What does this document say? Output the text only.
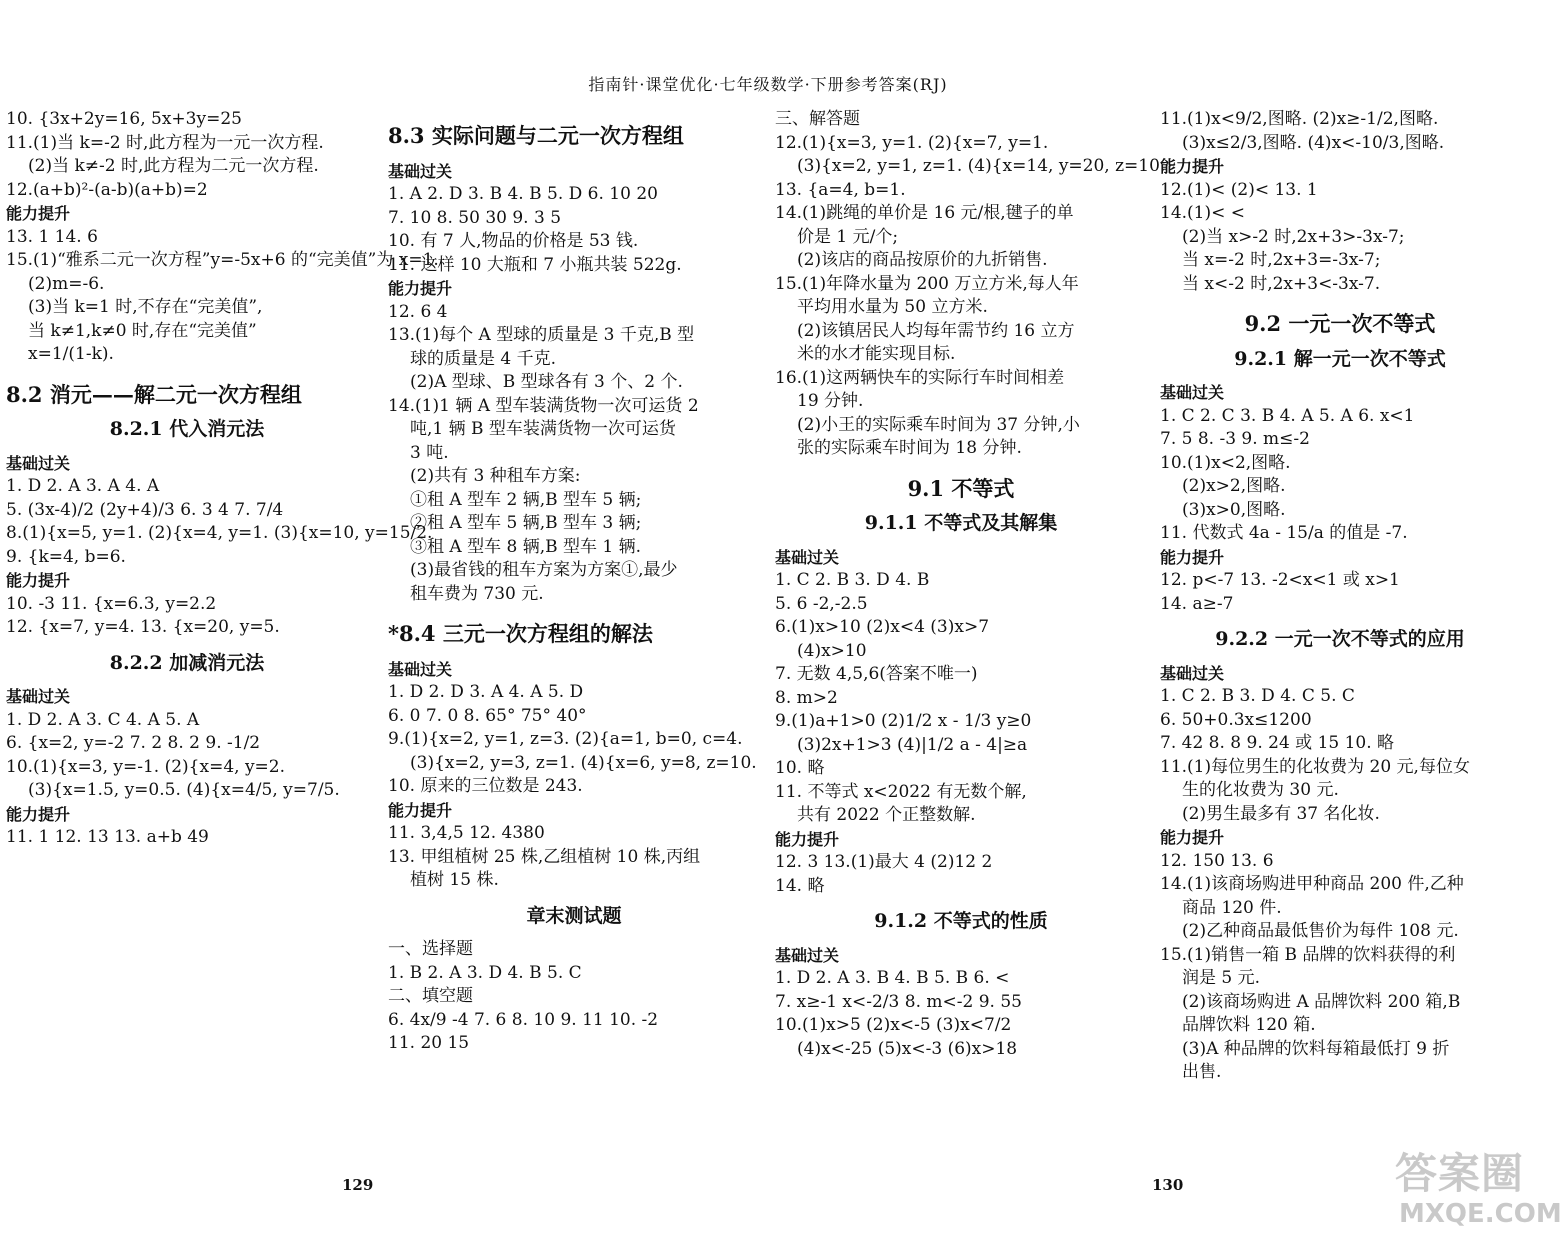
指南针·课堂优化·七年级数学·下册参考答案(RJ)
10. {3x+2y=16, 5x+3y=25
11.(1)当 k=-2 时,此方程为一元一次方程.
(2)当 k≠-2 时,此方程为二元一次方程.
12.(a+b)²-(a-b)(a+b)=2
能力提升
13. 1 14. 6
15.(1)“雅系二元一次方程”y=-5x+6 的“完美值”为 x=1.
(2)m=-6.
(3)当 k=1 时,不存在“完美值”,
当 k≠1,k≠0 时,存在“完美值”
x=1/(1-k).
8.2 消元——解二元一次方程组
8.2.1 代入消元法
基础过关
1. D 2. A 3. A 4. A
5. (3x-4)/2 (2y+4)/3 6. 3 4 7. 7/4
8.(1){x=5, y=1. (2){x=4, y=1. (3){x=10, y=15/2.
9. {k=4, b=6.
能力提升
10. -3 11. {x=6.3, y=2.2
12. {x=7, y=4. 13. {x=20, y=5.
8.2.2 加减消元法
基础过关
1. D 2. A 3. C 4. A 5. A
6. {x=2, y=-2 7. 2 8. 2 9. -1/2
10.(1){x=3, y=-1. (2){x=4, y=2.
(3){x=1.5, y=0.5. (4){x=4/5, y=7/5.
能力提升
11. 1 12. 13 13. a+b 49
8.3 实际问题与二元一次方程组
基础过关
1. A 2. D 3. B 4. B 5. D 6. 10 20
7. 10 8. 50 30 9. 3 5
10. 有 7 人,物品的价格是 53 钱.
11. 这样 10 大瓶和 7 小瓶共装 522g.
能力提升
12. 6 4
13.(1)每个 A 型球的质量是 3 千克,B 型
球的质量是 4 千克.
(2)A 型球、B 型球各有 3 个、2 个.
14.(1)1 辆 A 型车装满货物一次可运货 2
吨,1 辆 B 型车装满货物一次可运货
3 吨.
(2)共有 3 种租车方案:
①租 A 型车 2 辆,B 型车 5 辆;
②租 A 型车 5 辆,B 型车 3 辆;
③租 A 型车 8 辆,B 型车 1 辆.
(3)最省钱的租车方案为方案①,最少
租车费为 730 元.
*8.4 三元一次方程组的解法
基础过关
1. D 2. D 3. A 4. A 5. D
6. 0 7. 0 8. 65° 75° 40°
9.(1){x=2, y=1, z=3. (2){a=1, b=0, c=4.
(3){x=2, y=3, z=1. (4){x=6, y=8, z=10.
10. 原来的三位数是 243.
能力提升
11. 3,4,5 12. 4380
13. 甲组植树 25 株,乙组植树 10 株,丙组
植树 15 株.
章末测试题
一、选择题
1. B 2. A 3. D 4. B 5. C
二、填空题
6. 4x/9 -4 7. 6 8. 10 9. 11 10. -2
11. 20 15
三、解答题
12.(1){x=3, y=1. (2){x=7, y=1.
(3){x=2, y=1, z=1. (4){x=14, y=20, z=10.
13. {a=4, b=1.
14.(1)跳绳的单价是 16 元/根,毽子的单
价是 1 元/个;
(2)该店的商品按原价的九折销售.
15.(1)年降水量为 200 万立方米,每人年
平均用水量为 50 立方米.
(2)该镇居民人均每年需节约 16 立方
米的水才能实现目标.
16.(1)这两辆快车的实际行车时间相差
19 分钟.
(2)小王的实际乘车时间为 37 分钟,小
张的实际乘车时间为 18 分钟.
9.1 不等式
9.1.1 不等式及其解集
基础过关
1. C 2. B 3. D 4. B
5. 6 -2,-2.5
6.(1)x>10 (2)x<4 (3)x>7
(4)x>10
7. 无数 4,5,6(答案不唯一)
8. m>2
9.(1)a+1>0 (2)1/2 x - 1/3 y≥0
(3)2x+1>3 (4)|1/2 a - 4|≥a
10. 略
11. 不等式 x<2022 有无数个解,
共有 2022 个正整数解.
能力提升
12. 3 13.(1)最大 4 (2)12 2
14. 略
9.1.2 不等式的性质
基础过关
1. D 2. A 3. B 4. B 5. B 6. <
7. x≥-1 x<-2/3 8. m<-2 9. 55
10.(1)x>5 (2)x<-5 (3)x<7/2
(4)x<-25 (5)x<-3 (6)x>18
11.(1)x<9/2,图略. (2)x≥-1/2,图略.
(3)x≤2/3,图略. (4)x<-10/3,图略.
能力提升
12.(1)< (2)< 13. 1
14.(1)< <
(2)当 x>-2 时,2x+3>-3x-7;
当 x=-2 时,2x+3=-3x-7;
当 x<-2 时,2x+3<-3x-7.
9.2 一元一次不等式
9.2.1 解一元一次不等式
基础过关
1. C 2. C 3. B 4. A 5. A 6. x<1
7. 5 8. -3 9. m≤-2
10.(1)x<2,图略.
(2)x>2,图略.
(3)x>0,图略.
11. 代数式 4a - 15/a 的值是 -7.
能力提升
12. p<-7 13. -2<x<1 或 x>1
14. a≥-7
9.2.2 一元一次不等式的应用
基础过关
1. C 2. B 3. D 4. C 5. C
6. 50+0.3x≤1200
7. 42 8. 8 9. 24 或 15 10. 略
11.(1)每位男生的化妆费为 20 元,每位女
生的化妆费为 30 元.
(2)男生最多有 37 名化妆.
能力提升
12. 150 13. 6
14.(1)该商场购进甲种商品 200 件,乙种
商品 120 件.
(2)乙种商品最低售价为每件 108 元.
15.(1)销售一箱 B 品牌的饮料获得的利
润是 5 元.
(2)该商场购进 A 品牌饮料 200 箱,B
品牌饮料 120 箱.
(3)A 种品牌的饮料每箱最低打 9 折
出售.
129	130	答案圈
MXQE.COM
